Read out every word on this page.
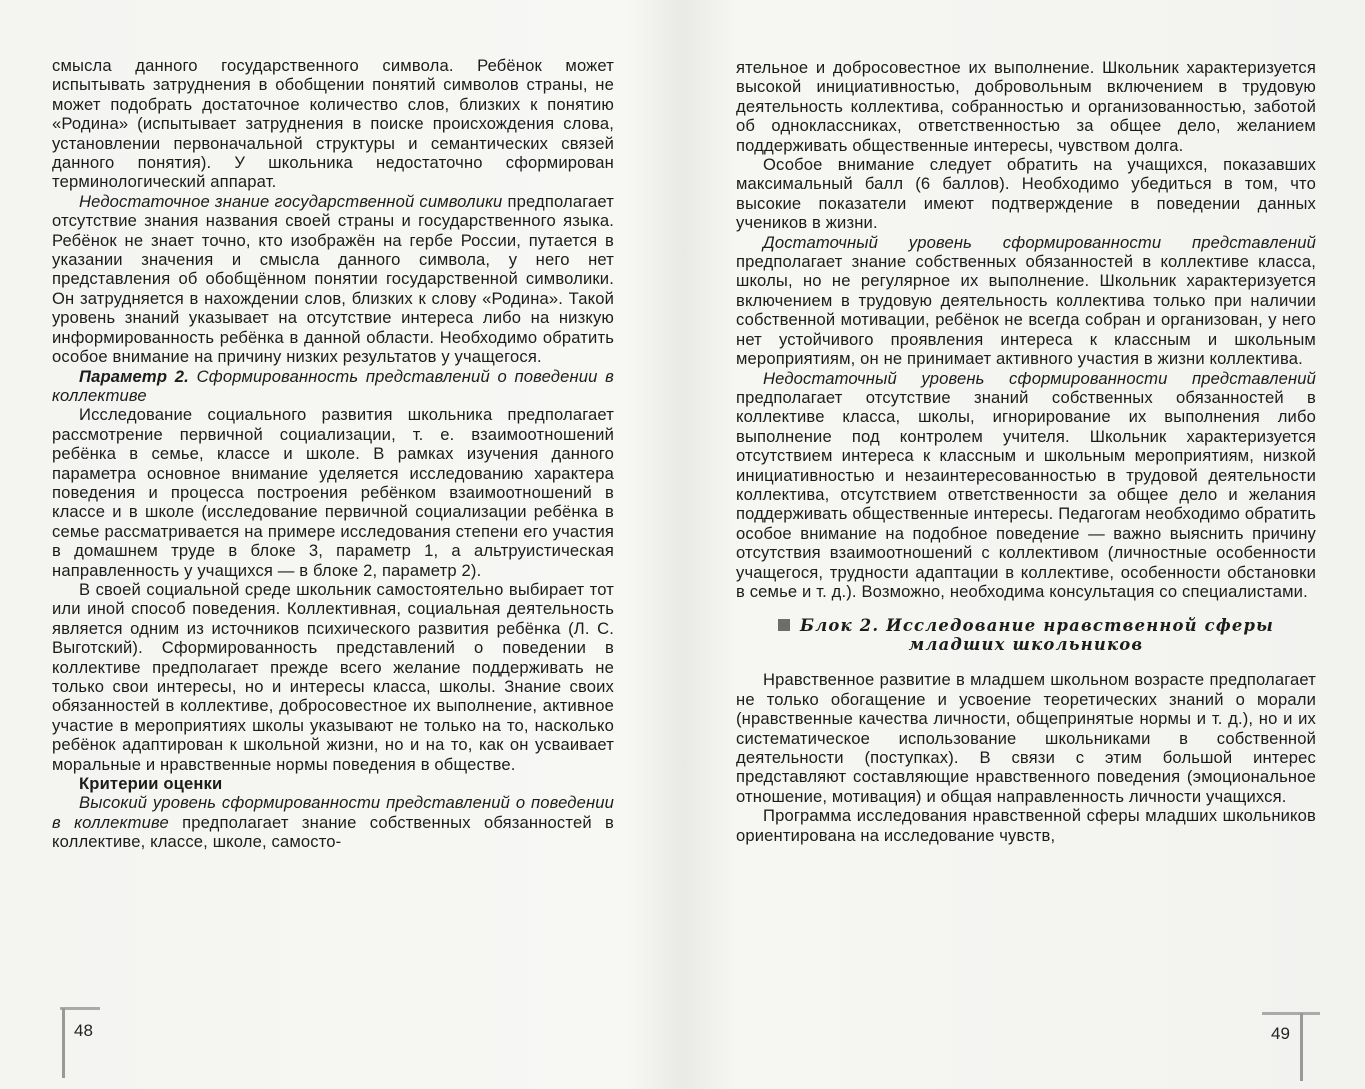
смысла данного государственного символа. Ребёнок может испытывать затруднения в обобщении понятий символов страны, не может подобрать достаточное количество слов, близких к понятию «Родина» (испытывает затруднения в поиске происхождения слова, установлении первоначальной структуры и семантических связей данного понятия). У школьника недостаточно сформирован терминологический аппарат.

Недостаточное знание государственной символики предполагает отсутствие знания названия своей страны и государственного языка. Ребёнок не знает точно, кто изображён на гербе России, путается в указании значения и смысла данного символа, у него нет представления об обобщённом понятии государственной символики. Он затрудняется в нахождении слов, близких к слову «Родина». Такой уровень знаний указывает на отсутствие интереса либо на низкую информированность ребёнка в данной области. Необходимо обратить особое внимание на причину низких результатов у учащегося.

Параметр 2. Сформированность представлений о поведении в коллективе

Исследование социального развития школьника предполагает рассмотрение первичной социализации, т. е. взаимоотношений ребёнка в семье, классе и школе. В рамках изучения данного параметра основное внимание уделяется исследованию характера поведения и процесса построения ребёнком взаимоотношений в классе и в школе (исследование первичной социализации ребёнка в семье рассматривается на примере исследования степени его участия в домашнем труде в блоке 3, параметр 1, а альтруистическая направленность у учащихся — в блоке 2, параметр 2).

В своей социальной среде школьник самостоятельно выбирает тот или иной способ поведения. Коллективная, социальная деятельность является одним из источников психического развития ребёнка (Л. С. Выготский). Сформированность представлений о поведении в коллективе предполагает прежде всего желание поддерживать не только свои интересы, но и интересы класса, школы. Знание своих обязанностей в коллективе, добросовестное их выполнение, активное участие в мероприятиях школы указывают не только на то, насколько ребёнок адаптирован к школьной жизни, но и на то, как он усваивает моральные и нравственные нормы поведения в обществе.

Критерии оценки

Высокий уровень сформированности представлений о поведении в коллективе предполагает знание собственных обязанностей в коллективе, классе, школе, самосто-

48

ятельное и добросовестное их выполнение. Школьник характеризуется высокой инициативностью, добровольным включением в трудовую деятельность коллектива, собранностью и организованностью, заботой об одноклассниках, ответственностью за общее дело, желанием поддерживать общественные интересы, чувством долга.

Особое внимание следует обратить на учащихся, показавших максимальный балл (6 баллов). Необходимо убедиться в том, что высокие показатели имеют подтверждение в поведении данных учеников в жизни.

Достаточный уровень сформированности представлений предполагает знание собственных обязанностей в коллективе класса, школы, но не регулярное их выполнение. Школьник характеризуется включением в трудовую деятельность коллектива только при наличии собственной мотивации, ребёнок не всегда собран и организован, у него нет устойчивого проявления интереса к классным и школьным мероприятиям, он не принимает активного участия в жизни коллектива.

Недостаточный уровень сформированности представлений предполагает отсутствие знаний собственных обязанностей в коллективе класса, школы, игнорирование их выполнения либо выполнение под контролем учителя. Школьник характеризуется отсутствием интереса к классным и школьным мероприятиям, низкой инициативностью и незаинтересованностью в трудовой деятельности коллектива, отсутствием ответственности за общее дело и желания поддерживать общественные интересы. Педагогам необходимо обратить особое внимание на подобное поведение — важно выяснить причину отсутствия взаимоотношений с коллективом (личностные особенности учащегося, трудности адаптации в коллективе, особенности обстановки в семье и т. д.). Возможно, необходима консультация со специалистами.

Блок 2. Исследование нравственной сферы
младших школьников

Нравственное развитие в младшем школьном возрасте предполагает не только обогащение и усвоение теоретических знаний о морали (нравственные качества личности, общепринятые нормы и т. д.), но и их систематическое использование школьниками в собственной деятельности (поступках). В связи с этим большой интерес представляют составляющие нравственного поведения (эмоциональное отношение, мотивация) и общая направленность личности учащихся.

Программа исследования нравственной сферы младших школьников ориентирована на исследование чувств,

49
